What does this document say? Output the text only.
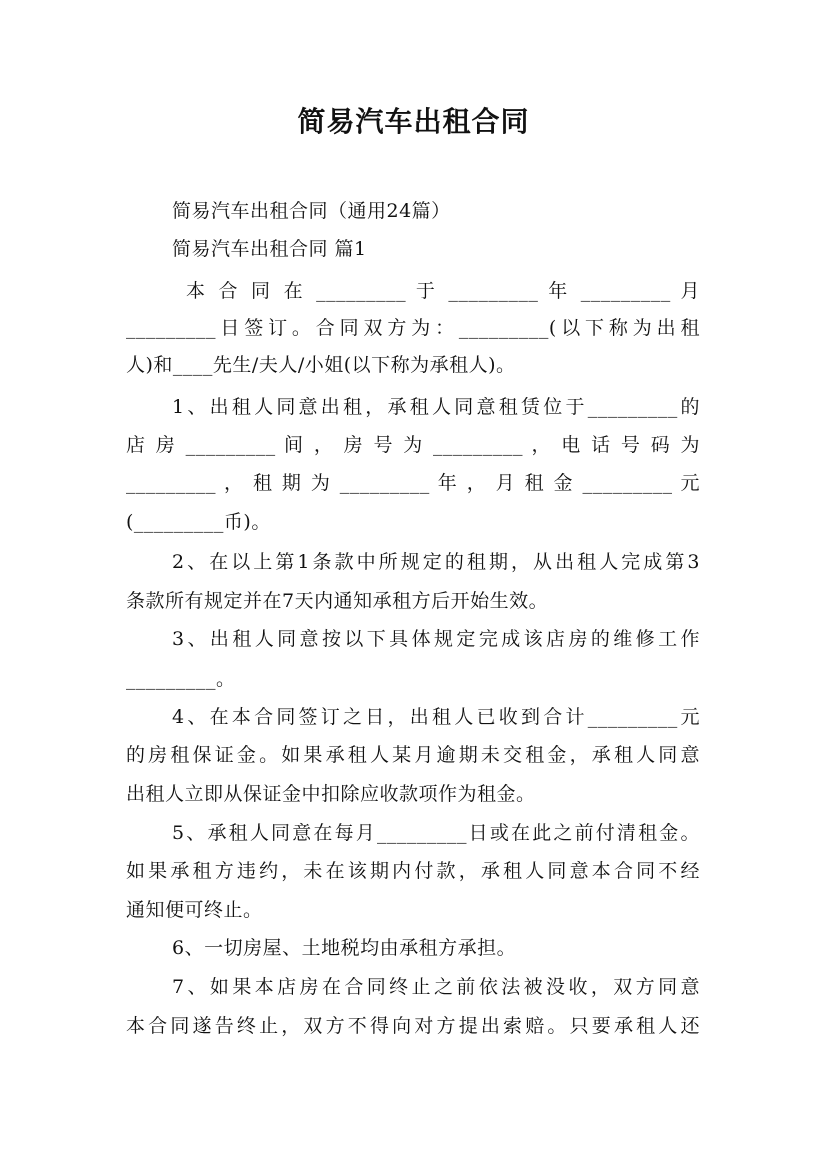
简易汽车出租合同
简易汽车出租合同（通用24篇）
简易汽车出租合同 篇1
本 合 同 在 _________ 于 _________ 年 _________ 月
_________日签订。合同双方为：_________(以下称为出租
人)和____先生/夫人/小姐(以下称为承租人)。
1、出租人同意出租，承租人同意租赁位于_________的
店 房 _________ 间 ， 房 号 为 _________ ， 电 话 号 码 为
_________ ， 租 期 为 _________ 年 ， 月 租 金 _________ 元
(_________币)。
2、在以上第1条款中所规定的租期，从出租人完成第3
条款所有规定并在7天内通知承租方后开始生效。
3、出租人同意按以下具体规定完成该店房的维修工作
_________。
4、在本合同签订之日，出租人已收到合计_________元
的房租保证金。如果承租人某月逾期未交租金，承租人同意
出租人立即从保证金中扣除应收款项作为租金。
5、承租人同意在每月_________日或在此之前付清租金。
如果承租方违约，未在该期内付款，承租人同意本合同不经
通知便可终止。
6、一切房屋、土地税均由承租方承担。
7、如果本店房在合同终止之前依法被没收，双方同意
本合同遂告终止，双方不得向对方提出索赔。只要承租人还
